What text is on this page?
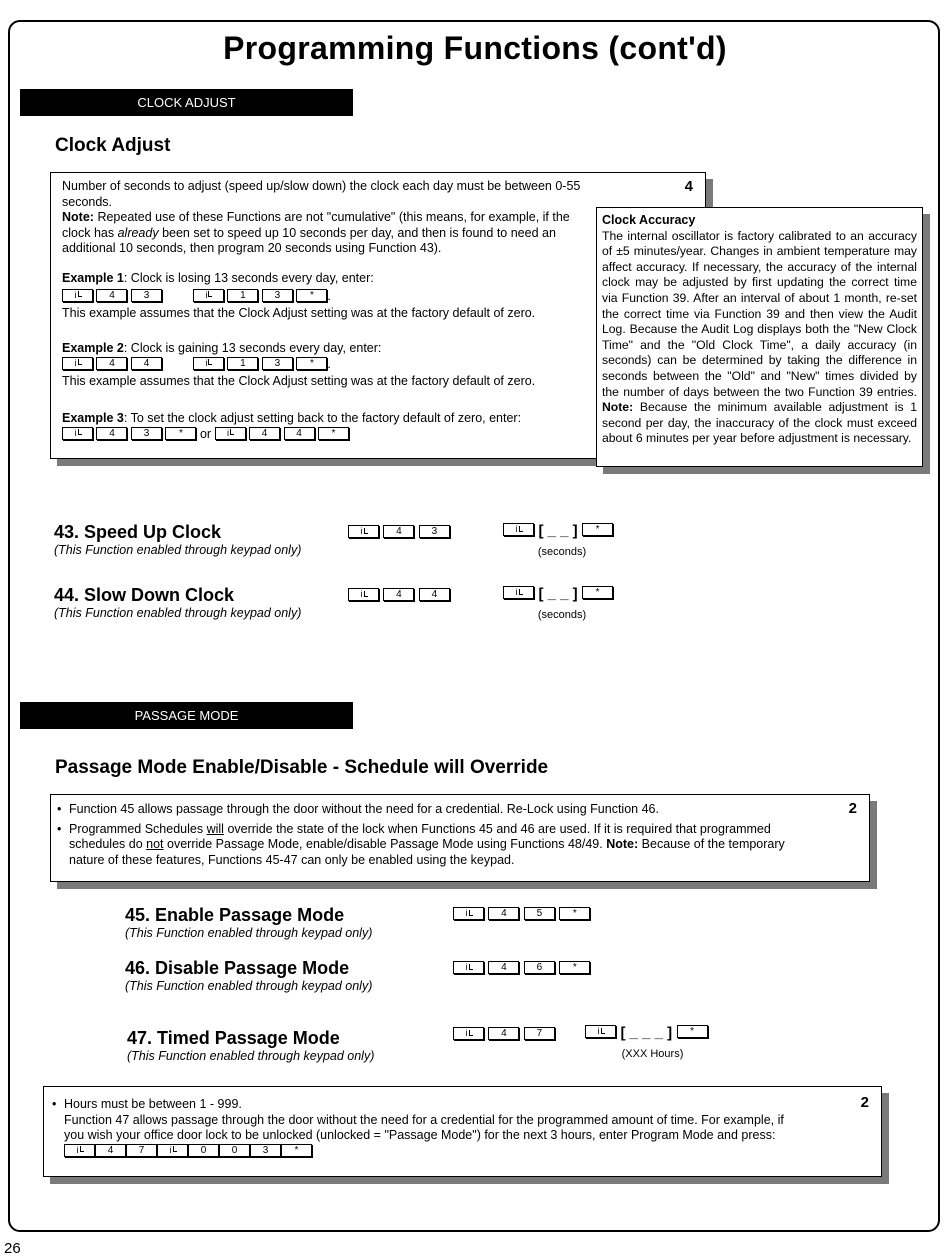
Programming Functions (cont'd)
CLOCK ADJUST
Clock Adjust
4
Number of seconds to adjust (speed up/slow down) the clock each day must be between 0-55 seconds.
Note: Repeated use of these Functions are not "cumulative" (this means, for example, if the clock has already been set to speed up 10 seconds per day, and then is found to need an additional 10 seconds, then program 20 seconds using Function 43).
Example 1: Clock is losing 13 seconds every day, enter:
i	4	3	i	1	3	* .
This example assumes that the Clock Adjust setting was at the factory default of zero.
Example 2: Clock is gaining 13 seconds every day, enter:
i	4	4	i	1	3	* .
This example assumes that the Clock Adjust setting was at the factory default of zero.
Example 3: To set the clock adjust setting back to the factory default of zero, enter:
i	4	3	* or i	4	4	*
Clock Accuracy
The internal oscillator is factory calibrated to an accuracy of ±5 minutes/year. Changes in ambient temperature may affect accuracy. If necessary, the accuracy of the internal clock may be adjusted by first updating the correct time via Function 39. After an interval of about 1 month, re-set the correct time via Function 39 and then view the Audit Log. Because the Audit Log displays both the "New Clock Time" and the "Old Clock Time", a daily accuracy (in seconds) can be determined by taking the difference in seconds between the "Old" and "New" times divided by the number of days between the two Function 39 entries. Note: Because the minimum available adjustment is 1 second per day, the inaccuracy of the clock must exceed about 6 minutes per year before adjustment is necessary.
43. Speed Up Clock
(This Function enabled through keypad only)
i	4	3	i [ _ _ ] *
(seconds)
44. Slow Down Clock
(This Function enabled through keypad only)
i	4	4	i [ _ _ ] *
(seconds)
PASSAGE MODE
Passage Mode Enable/Disable - Schedule will Override
2
• Function 45 allows passage through the door without the need for a credential. Re-Lock using Function 46.
• Programmed Schedules will override the state of the lock when Functions 45 and 46 are used. If it is required that programmed schedules do not override Passage Mode, enable/disable Passage Mode using Functions 48/49. Note: Because of the temporary nature of these features, Functions 45-47 can only be enabled using the keypad.
45. Enable Passage Mode
(This Function enabled through keypad only)
i	4	5	*
46. Disable Passage Mode
(This Function enabled through keypad only)
i	4	6	*
47. Timed Passage Mode
(This Function enabled through keypad only)
i	4	7	i [ _ _ _ ] *
(XXX Hours)
2
• Hours must be between 1 - 999.
Function 47 allows passage through the door without the need for a credential for the programmed amount of time. For example, if you wish your office door lock to be unlocked (unlocked = "Passage Mode") for the next 3 hours, enter Program Mode and press: i	4	7	i	0	0	3	*
26
